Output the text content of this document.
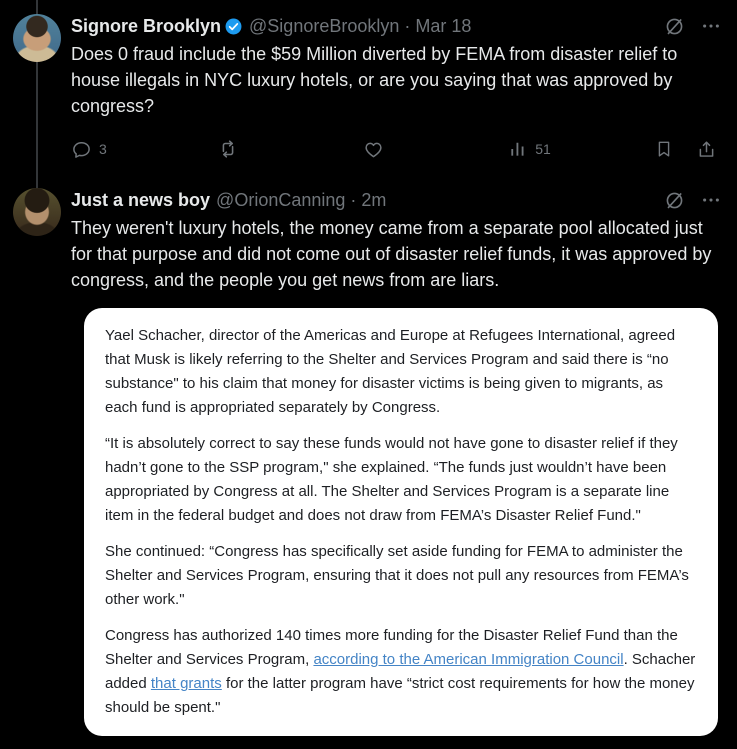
Signore Brooklyn @SignoreBrooklyn · Mar 18
Does 0 fraud include the $59 Million diverted by FEMA from disaster relief to house illegals in NYC luxury hotels, or are you saying that was approved by congress?
3	51
Just a news boy @OrionCanning · 2m
They weren't luxury hotels, the money came from a separate pool allocated just for that purpose and did not come out of disaster relief funds, it was approved by congress, and the people you get news from are liars.

Yael Schacher, director of the Americas and Europe at Refugees International, agreed that Musk is likely referring to the Shelter and Services Program and said there is “no substance" to his claim that money for disaster victims is being given to migrants, as each fund is appropriated separately by Congress.

“It is absolutely correct to say these funds would not have gone to disaster relief if they hadn’t gone to the SSP program," she explained. “The funds just wouldn’t have been appropriated by Congress at all. The Shelter and Services Program is a separate line item in the federal budget and does not draw from FEMA’s Disaster Relief Fund."

She continued: “Congress has specifically set aside funding for FEMA to administer the Shelter and Services Program, ensuring that it does not pull any resources from FEMA’s other work."

Congress has authorized 140 times more funding for the Disaster Relief Fund than the Shelter and Services Program, according to the American Immigration Council. Schacher added that grants for the latter program have “strict cost requirements for how the money should be spent."
